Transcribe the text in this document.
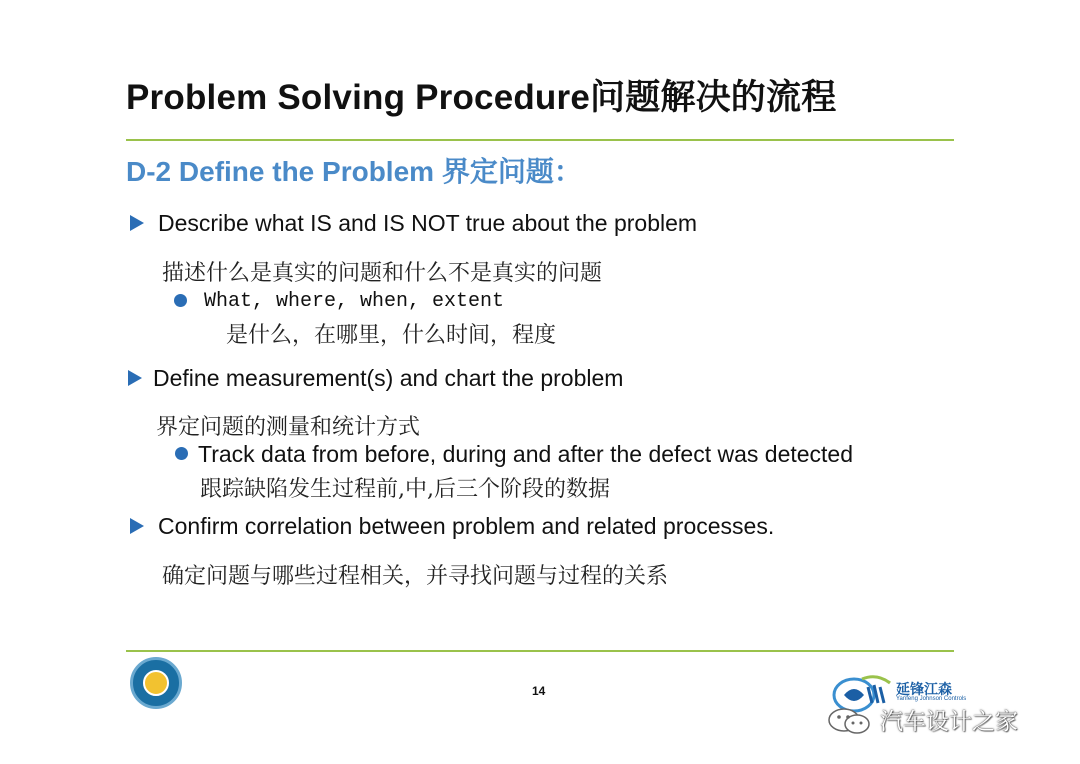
Problem Solving Procedure问题解决的流程
D-2 Define the Problem 界定问题：
Describe what IS and IS NOT true about the problem
描述什么是真实的问题和什么不是真实的问题
What, where, when, extent
是什么，在哪里，什么时间，程度
Define measurement(s) and chart the problem
界定问题的测量和统计方式
Track data from before, during and after the defect was detected
跟踪缺陷发生过程前,中,后三个阶段的数据
Confirm correlation between problem and related processes.
确定问题与哪些过程相关，并寻找问题与过程的关系
14	延锋江森
Yanfeng Johnson Controls
汽车设计之家
